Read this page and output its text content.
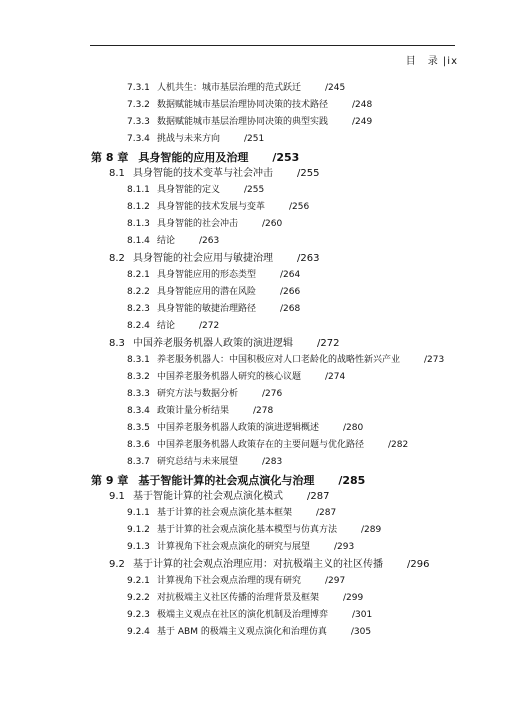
目　录 |ix
7.3.1 人机共生：城市基层治理的范式跃迁	/245
7.3.2 数据赋能城市基层治理协同决策的技术路径	/248
7.3.3 数据赋能城市基层治理协同决策的典型实践	/249
7.3.4 挑战与未来方向	/251
第 8 章 具身智能的应用及治理 /253
8.1 具身智能的技术变革与社会冲击 /255
8.1.1 具身智能的定义	/255
8.1.2 具身智能的技术发展与变革	/256
8.1.3 具身智能的社会冲击	/260
8.1.4 结论	/263
8.2 具身智能的社会应用与敏捷治理 /263
8.2.1 具身智能应用的形态类型	/264
8.2.2 具身智能应用的潜在风险	/266
8.2.3 具身智能的敏捷治理路径	/268
8.2.4 结论	/272
8.3 中国养老服务机器人政策的演进逻辑 /272
8.3.1 养老服务机器人：中国积极应对人口老龄化的战略性新兴产业	/273
8.3.2 中国养老服务机器人研究的核心议题	/274
8.3.3 研究方法与数据分析	/276
8.3.4 政策计量分析结果	/278
8.3.5 中国养老服务机器人政策的演进逻辑概述	/280
8.3.6 中国养老服务机器人政策存在的主要问题与优化路径	/282
8.3.7 研究总结与未来展望	/283
第 9 章 基于智能计算的社会观点演化与治理 /285
9.1 基于智能计算的社会观点演化模式 /287
9.1.1 基于计算的社会观点演化基本框架	/287
9.1.2 基于计算的社会观点演化基本模型与仿真方法	/289
9.1.3 计算视角下社会观点演化的研究与展望	/293
9.2 基于计算的社会观点治理应用：对抗极端主义的社区传播 /296
9.2.1 计算视角下社会观点治理的现有研究	/297
9.2.2 对抗极端主义社区传播的治理背景及框架	/299
9.2.3 极端主义观点在社区的演化机制及治理博弈	/301
9.2.4 基于 ABM 的极端主义观点演化和治理仿真	/305
